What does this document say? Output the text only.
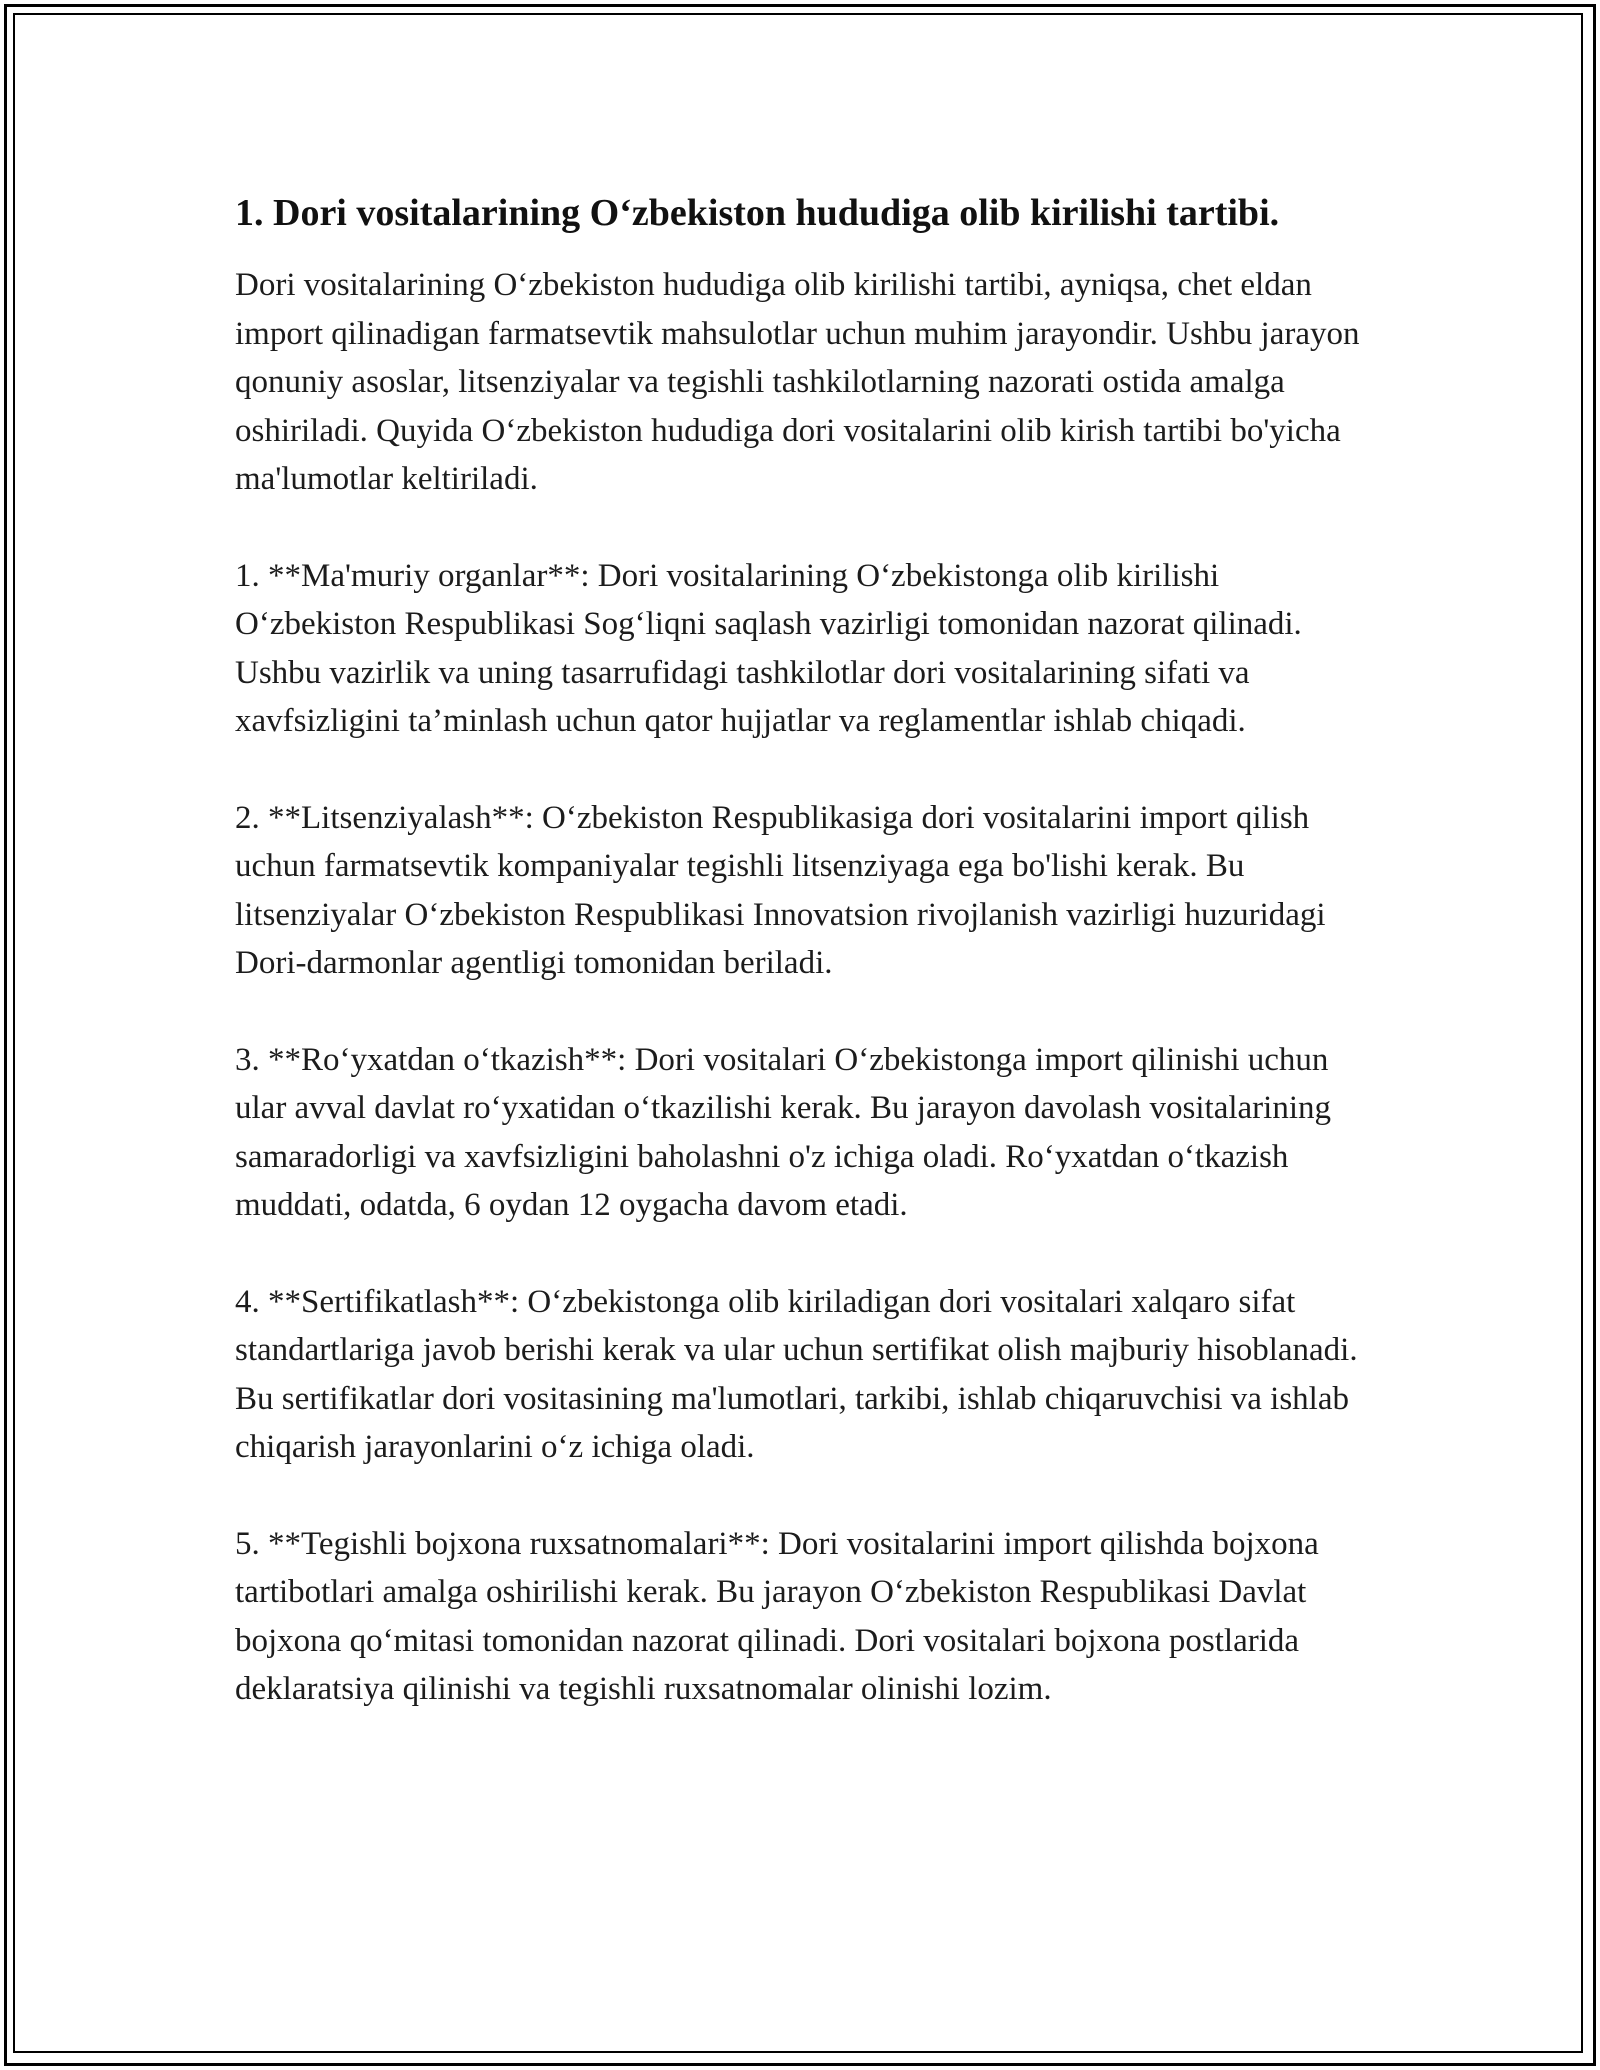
1. Dori vositalarining O‘zbekiston hududiga olib kirilishi tartibi.

Dori vositalarining O‘zbekiston hududiga olib kirilishi tartibi, ayniqsa, chet eldan import qilinadigan farmatsevtik mahsulotlar uchun muhim jarayondir. Ushbu jarayon qonuniy asoslar, litsenziyalar va tegishli tashkilotlarning nazorati ostida amalga oshiriladi. Quyida O‘zbekiston hududiga dori vositalarini olib kirish tartibi bo'yicha ma'lumotlar keltiriladi.

1. **Ma'muriy organlar**: Dori vositalarining O‘zbekistonga olib kirilishi O‘zbekiston Respublikasi Sog‘liqni saqlash vazirligi tomonidan nazorat qilinadi. Ushbu vazirlik va uning tasarrufidagi tashkilotlar dori vositalarining sifati va xavfsizligini ta’minlash uchun qator hujjatlar va reglamentlar ishlab chiqadi.

2. **Litsenziyalash**: O‘zbekiston Respublikasiga dori vositalarini import qilish uchun farmatsevtik kompaniyalar tegishli litsenziyaga ega bo'lishi kerak. Bu litsenziyalar O‘zbekiston Respublikasi Innovatsion rivojlanish vazirligi huzuridagi Dori-darmonlar agentligi tomonidan beriladi.

3. **Ro‘yxatdan o‘tkazish**: Dori vositalari O‘zbekistonga import qilinishi uchun ular avval davlat ro‘yxatidan o‘tkazilishi kerak. Bu jarayon davolash vositalarining samaradorligi va xavfsizligini baholashni o'z ichiga oladi. Ro‘yxatdan o‘tkazish muddati, odatda, 6 oydan 12 oygacha davom etadi.

4. **Sertifikatlash**: O‘zbekistonga olib kiriladigan dori vositalari xalqaro sifat standartlariga javob berishi kerak va ular uchun sertifikat olish majburiy hisoblanadi. Bu sertifikatlar dori vositasining ma'lumotlari, tarkibi, ishlab chiqaruvchisi va ishlab chiqarish jarayonlarini o‘z ichiga oladi.

5. **Tegishli bojxona ruxsatnomalari**: Dori vositalarini import qilishda bojxona tartibotlari amalga oshirilishi kerak. Bu jarayon O‘zbekiston Respublikasi Davlat bojxona qo‘mitasi tomonidan nazorat qilinadi. Dori vositalari bojxona postlarida deklaratsiya qilinishi va tegishli ruxsatnomalar olinishi lozim.
